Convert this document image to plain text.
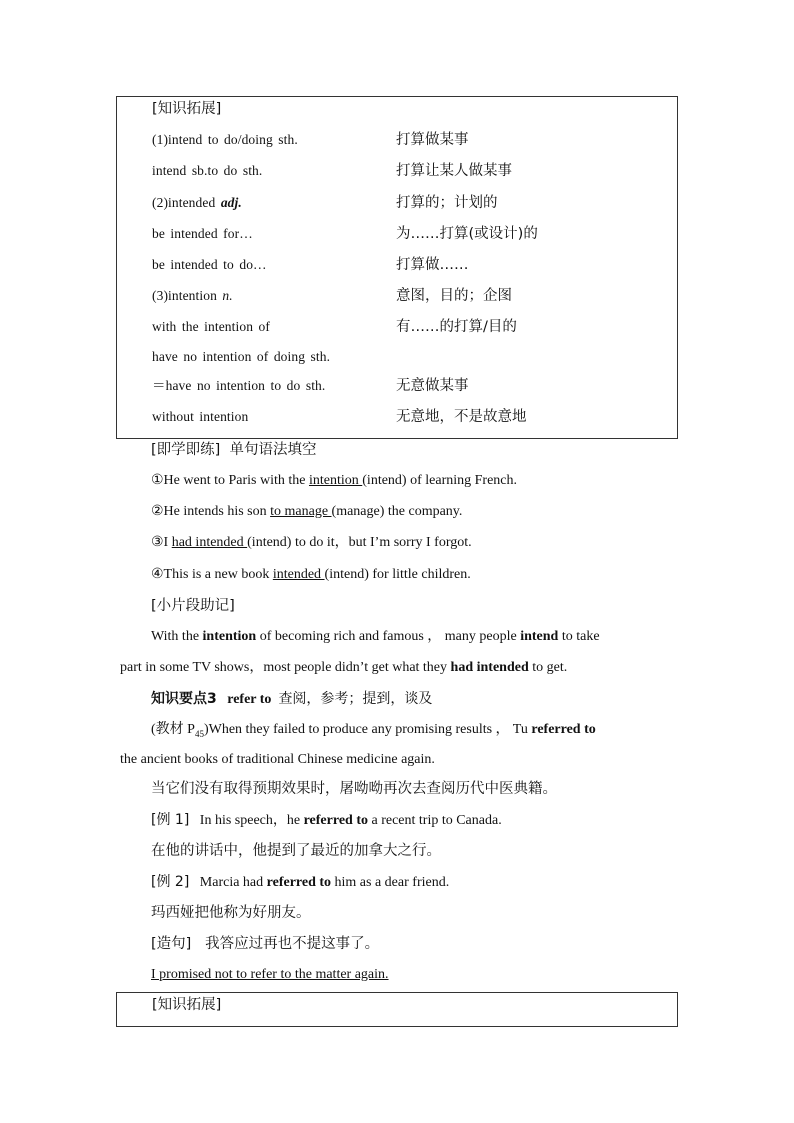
[知识拓展]
(1)intend to do/doing sth.	打算做某事
intend sb.to do sth.	打算让某人做某事
(2)intended adj.	打算的；计划的
be intended for…	为……打算(或设计)的
be intended to do…	打算做……
(3)intention n.	意图，目的；企图
with the intention of	有……的打算/目的
have no intention of doing sth.
＝have no intention to do sth.	无意做某事
without intention	无意地，不是故意地
[即学即练] 单句语法填空
①He went to Paris with the intention (intend) of learning French.
②He intends his son to manage (manage) the company.
③I had intended (intend) to do it，but I’m sorry I forgot.
④This is a new book intended (intend) for little children.
[小片段助记]
With the intention of becoming rich and famous ， many people intend to take
part in some TV shows，most people didn’t get what they had intended to get.
知识要点3 refer to 查阅，参考；提到，谈及
(教材 $P_{45})When$ they failed to produce any promising results ， Tu referred to
the ancient books of traditional Chinese medicine again.
当它们没有取得预期效果时，屠呦呦再次去查阅历代中医典籍。
[例 1] In his speech，he referred to a recent trip to Canada.
在他的讲话中，他提到了最近的加拿大之行。
[例 2] Marcia had referred to him as a dear friend.
玛西娅把他称为好朋友。
[造句] 我答应过再也不提这事了。
I promised not to refer to the matter again.
[知识拓展]
